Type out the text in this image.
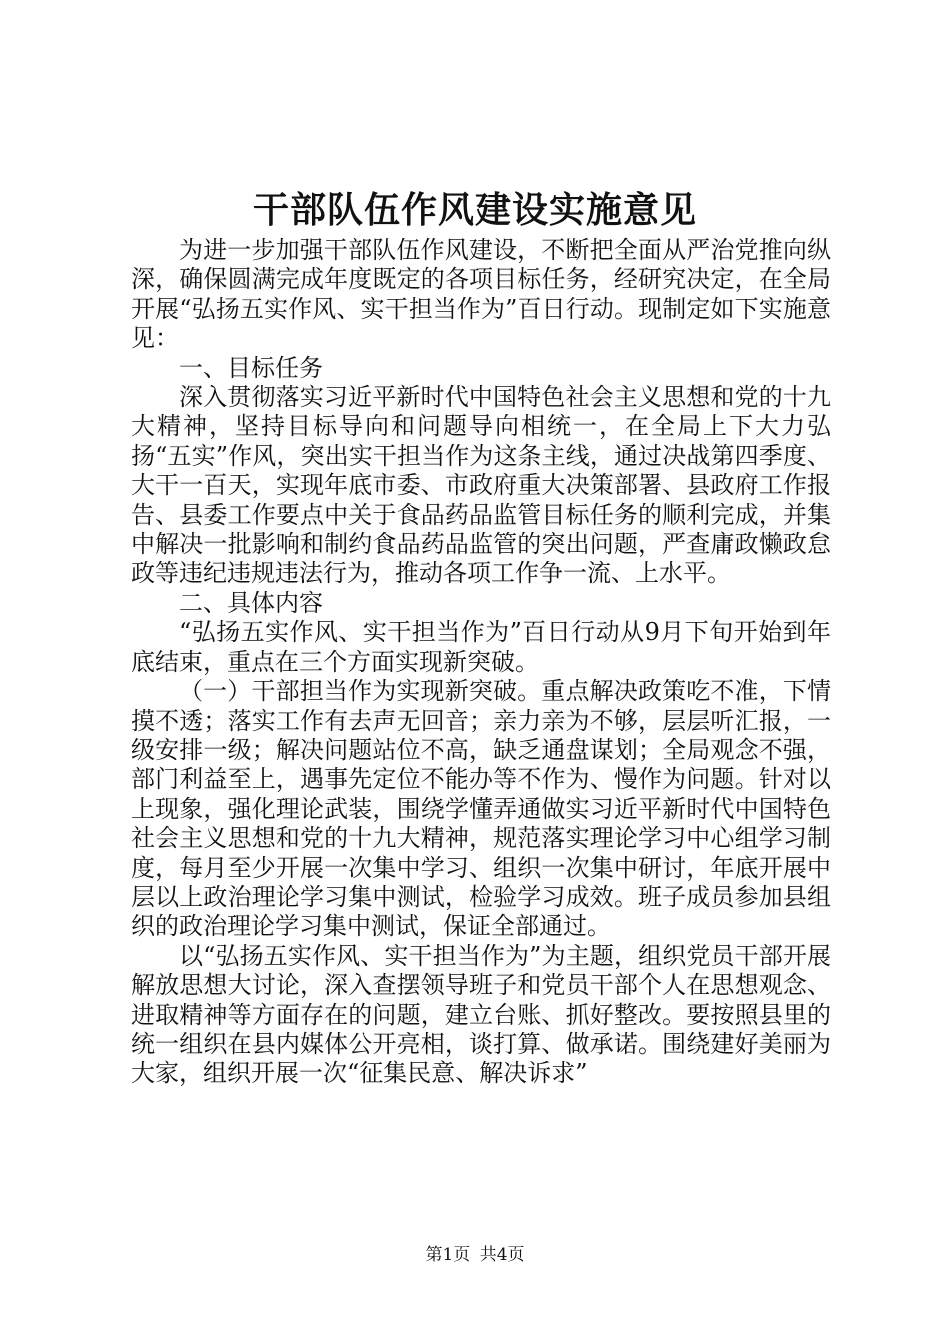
干部队伍作风建设实施意见

为进一步加强干部队伍作风建设，不断把全面从严治党推向纵深，确保圆满完成年度既定的各项目标任务，经研究决定，在全局开展“弘扬五实作风、实干担当作为”百日行动。现制定如下实施意见：

一、目标任务

深入贯彻落实习近平新时代中国特色社会主义思想和党的十九大精神，坚持目标导向和问题导向相统一，在全局上下大力弘扬“五实”作风，突出实干担当作为这条主线，通过决战第四季度、大干一百天，实现年底市委、市政府重大决策部署、县政府工作报告、县委工作要点中关于食品药品监管目标任务的顺利完成，并集中解决一批影响和制约食品药品监管的突出问题，严查庸政懒政怠政等违纪违规违法行为，推动各项工作争一流、上水平。

二、具体内容

“弘扬五实作风、实干担当作为”百日行动从9月下旬开始到年底结束，重点在三个方面实现新突破。

（一）干部担当作为实现新突破。重点解决政策吃不准，下情摸不透；落实工作有去声无回音；亲力亲为不够，层层听汇报，一级安排一级；解决问题站位不高，缺乏通盘谋划；全局观念不强，部门利益至上，遇事先定位不能办等不作为、慢作为问题。针对以上现象，强化理论武装，围绕学懂弄通做实习近平新时代中国特色社会主义思想和党的十九大精神，规范落实理论学习中心组学习制度，每月至少开展一次集中学习、组织一次集中研讨，年底开展中层以上政治理论学习集中测试，检验学习成效。班子成员参加县组织的政治理论学习集中测试，保证全部通过。

以“弘扬五实作风、实干担当作为”为主题，组织党员干部开展解放思想大讨论，深入查摆领导班子和党员干部个人在思想观念、进取精神等方面存在的问题，建立台账、抓好整改。要按照县里的统一组织在县内媒体公开亮相，谈打算、做承诺。围绕建好美丽为大家，组织开展一次“征集民意、解决诉求”

第1页 共4页
